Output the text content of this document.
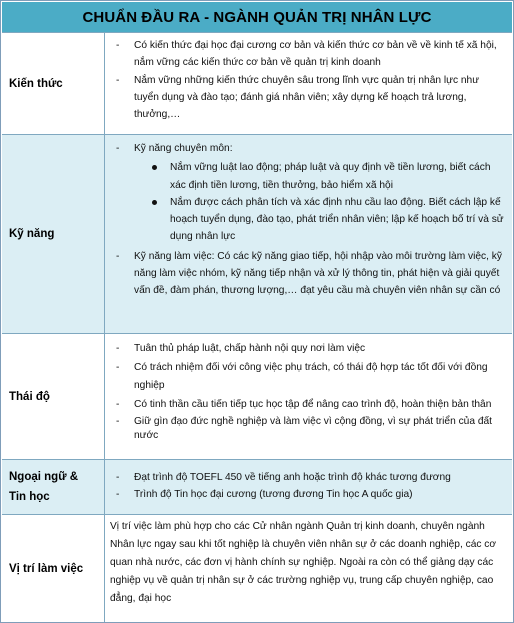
CHUẨN ĐẦU RA - NGÀNH QUẢN TRỊ NHÂN LỰC
Kiến thức
- Có kiến thức đại học đại cương cơ bản và kiến thức cơ bản về về kinh tế xã hội, nắm vững các kiến thức cơ bản về quản trị kinh doanh
- Nắm vững những kiến thức chuyên sâu trong lĩnh vực quản trị nhân lực như tuyển dụng và đào tạo; đánh giá nhân viên; xây dựng kế hoạch trả lương, thưởng,…
Kỹ năng
- Kỹ năng chuyên môn:
Nắm vững luật lao động; pháp luật và quy định về tiền lương, biết cách xác định tiền lương, tiền thưởng, bảo hiểm xã hội
Nắm được cách phân tích và xác định nhu cầu lao động. Biết cách lập kế hoạch tuyển dụng, đào tạo, phát triển nhân viên; lập kế hoạch bố trí và sử dụng nhân lực
- Kỹ năng làm việc: Có các kỹ năng giao tiếp, hội nhập vào môi trường làm việc, kỹ năng làm việc nhóm, kỹ năng tiếp nhận và xử lý thông tin, phát hiện và giải quyết vấn đề, đàm phán, thương lượng,… đạt yêu cầu mà chuyên viên nhân sự cần có
Thái độ
- Tuân thủ pháp luật, chấp hành nội quy nơi làm việc
- Có trách nhiệm đối với công việc phụ trách, có thái độ hợp tác tốt đối với đồng nghiệp
- Có tinh thần cầu tiến tiếp tục học tập để nâng cao trình độ, hoàn thiện bản thân
- Giữ gìn đạo đức nghề nghiệp và làm việc vì cộng đồng, vì sự phát triển của đất nước
Ngoại ngữ & Tin học
- Đạt trình độ TOEFL 450 về tiếng anh hoặc trình độ khác tương đương
- Trình độ Tin học đại cương (tương đương Tin học A quốc gia)
Vị trí làm việc
Vị trí việc làm phù hợp cho các Cử nhân ngành Quản trị kinh doanh, chuyên ngành Nhân lực ngay sau khi tốt nghiệp là chuyên viên nhân sự ở các doanh nghiệp, các cơ quan nhà nước, các đơn vị hành chính sự nghiệp. Ngoài ra còn có thể giảng dạy các nghiệp vụ về quản trị nhân sự ở các trường nghiệp vụ, trung cấp chuyên nghiệp, cao đẳng, đại học
